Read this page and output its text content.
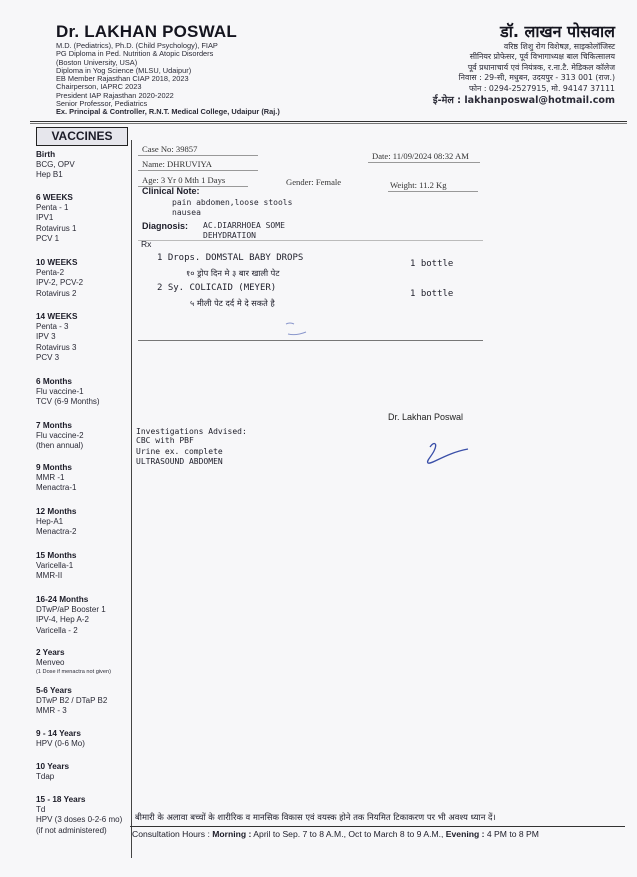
Dr. LAKHAN POSWAL
M.D. (Pediatrics), Ph.D. (Child Psychology), FIAP
PG Diploma in Ped. Nutrition & Atopic Disorders
(Boston University, USA)
Diploma in Yog Science (MLSU, Udaipur)
EB Member Rajasthan CIAP 2018, 2023
Chairperson, IAPRC 2023
President IAP Rajasthan 2020-2022
Senior Professor, Pediatrics
Ex. Principal & Controller, R.N.T. Medical College, Udaipur (Raj.)
डॉ. लाखन पोसवाल
वरिष्ठ शिशु रोग विशेषज्ञ, साइकोलॉजिस्ट
सीनियर प्रोफेसर, पूर्व विभागाध्यक्ष बाल चिकित्सालय
पूर्व प्रधानाचार्य एवं नियंत्रक, र.ना.टै. मेडिकल कॉलेज
निवास : 29-सी, मधुबन, उदयपुर - 313 001 (राज.)
फोन : 0294-2527915, मो. 94147 37111
ई-मेल : lakhanposwal@hotmail.com
VACCINES
Birth
BCG, OPV
Hep B1
6 WEEKS
Penta - 1
IPV1
Rotavirus 1
PCV 1
10 WEEKS
Penta-2
IPV-2, PCV-2
Rotavirus 2
14 WEEKS
Penta - 3
IPV 3
Rotavirus 3
PCV 3
6 Months
Flu vaccine-1
TCV (6-9 Months)
7 Months
Flu vaccine-2
(then annual)
9 Months
MMR -1
Menactra-1
12 Months
Hep-A1
Menactra-2
15 Months
Varicella-1
MMR-II
16-24 Months
DTwP/aP Booster 1
IPV-4, Hep A-2
Varicella - 2
2 Years
Menveo
(1 Dose if menactra not given)
5-6 Years
DTwP B2 / DTaP B2
MMR - 3
9 - 14 Years
HPV (0-6 Mo)
10 Years
Tdap
15 - 18 Years
Td
HPV (3 doses 0-2-6 mo)
(if not administered)
Case No: 39857
Date: 11/09/2024 08:32 AM
Name: DHRUVIYA
Age: 3 Yr 0 Mth 1 Days	Gender: Female	Weight: 11.2 Kg
Clinical Note:
pain abdomen,loose stools
nausea
Diagnosis: AC.DIARRHOEA SOME
DEHYDRATION
Rx
1 Drops. DOMSTAL BABY DROPS
1 bottle
१० ड्रोप दिन मे ३ बार खाली पेट
2 Sy. COLICAID (MEYER)
1 bottle
५ मीली पेट दर्द मे दे सकते है
Dr. Lakhan Poswal
Investigations Advised:
CBC with PBF
Urine ex. complete
ULTRASOUND ABDOMEN
बीमारी के अलावा बच्चों के शारीरिक व मानसिक विकास एवं वयस्क होने तक नियमित टिकाकरण पर भी अवश्य ध्यान दें।
Consultation Hours : Morning : April to Sep. 7 to 8 A.M., Oct to March 8 to 9 A.M., Evening : 4 PM to 8 PM
